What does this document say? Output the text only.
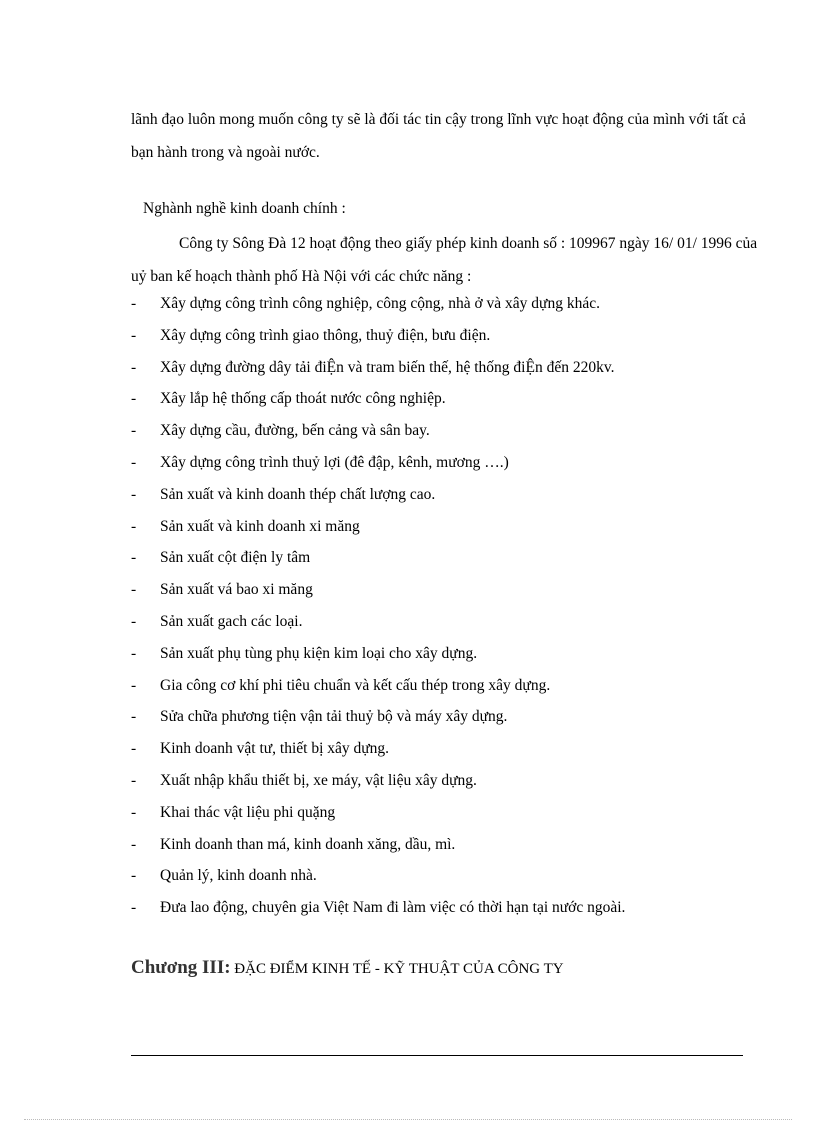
lãnh đạo luôn mong muốn công ty sẽ là đối tác tin cậy trong lĩnh vực hoạt động của mình với tất cả bạn hành trong và ngoài nước.

Nghành nghề kinh doanh chính :

Công ty Sông Đà 12 hoạt động theo giấy phép kinh doanh số : 109967 ngày 16/ 01/ 1996 của uỷ ban kế hoạch thành phố Hà Nội với các chức năng :

- Xây dựng công trình công nghiệp, công cộng, nhà ở và xây dựng khác.
- Xây dựng công trình giao thông, thuỷ điện, bưu điện.
- Xây dựng đường dây tải điỆn và tram biến thế, hệ thống điỆn đến 220kv.
- Xây lắp hệ thống cấp thoát nước công nghiệp.
- Xây dựng cầu, đường, bến cảng và sân bay.
- Xây dựng công trình thuỷ lợi (đê đập, kênh, mương ….)
- Sản xuất và kinh doanh thép chất lượng cao.
- Sản xuất và kinh doanh xi măng
- Sản xuất cột điện ly tâm
- Sản xuất vá bao xi măng
- Sản xuất gach các loại.
- Sản xuất phụ tùng phụ kiện kim loại cho xây dựng.
- Gia công cơ khí phi tiêu chuẩn và kết cấu thép trong xây dựng.
- Sửa chữa phương tiện vận tải thuỷ bộ và máy xây dựng.
- Kinh doanh vật tư, thiết bị xây dựng.
- Xuất nhập khẩu thiết bị, xe máy, vật liệu xây dựng.
- Khai thác vật liệu phi quặng
- Kinh doanh than má, kinh doanh xăng, dầu, mì.
- Quản lý, kinh doanh nhà.
- Đưa lao động, chuyên gia Việt Nam đi làm việc có thời hạn tại nước ngoài.

Chương III: ĐẶC ĐIỂM KINH TẾ - KỸ THUẬT CỦA CÔNG TY
